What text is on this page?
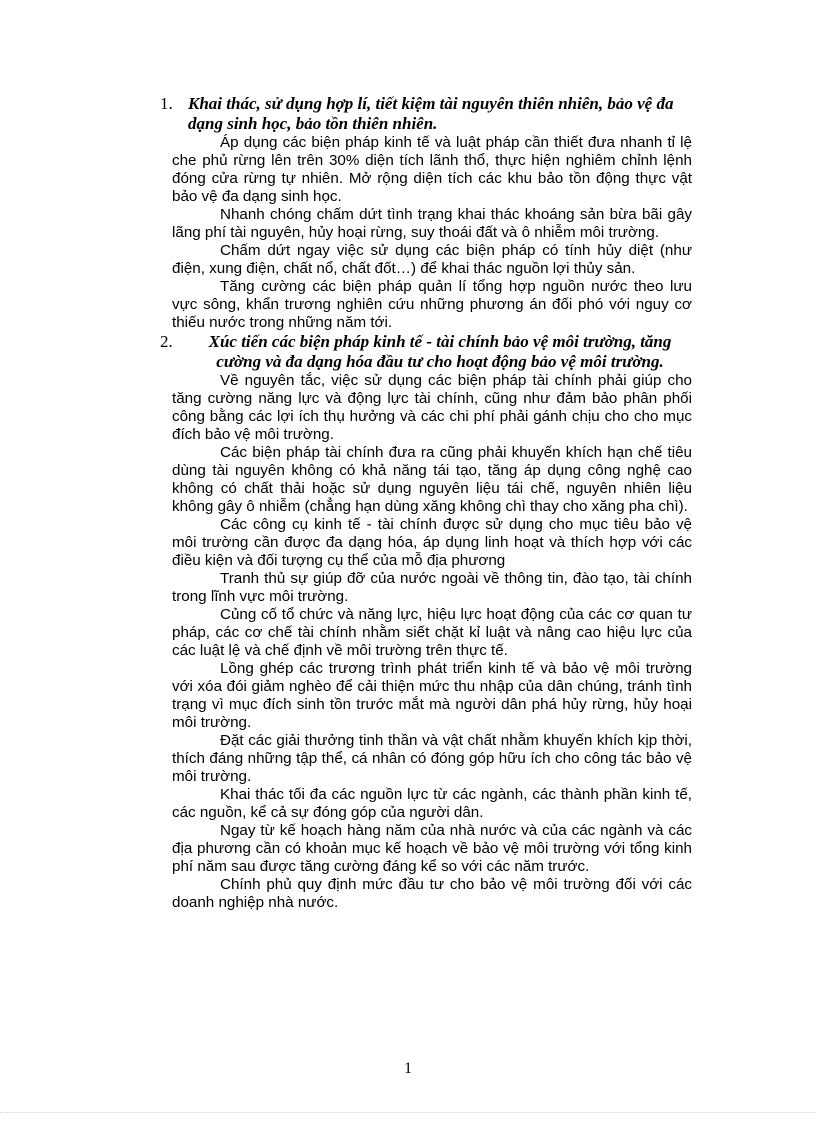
1. Khai thác, sử dụng hợp lí, tiết kiệm tài nguyên thiên nhiên, bảo vệ đa dạng sinh học, bảo tồn thiên nhiên.

Áp dụng các biện pháp kinh tế và luật pháp cần thiết đưa nhanh tỉ lệ che phủ rừng lên trên 30% diện tích lãnh thổ, thực hiện nghiêm chỉnh lệnh đóng cửa rừng tự nhiên. Mở rộng diện tích các khu bảo tồn động thực vật bảo vệ đa dạng sinh học.

Nhanh chóng chấm dứt tình trạng khai thác khoáng sản bừa bãi gây lãng phí tài nguyên, hủy hoại rừng, suy thoái đất và ô nhiễm môi trường.

Chấm dứt ngay việc sử dụng các biện pháp có tính hủy diệt (như điện, xung điện, chất nổ, chất đốt…) để khai thác nguồn lợi thủy sản.

Tăng cường các biện pháp quản lí tổng hợp nguồn nước theo lưu vực sông, khẩn trương nghiên cứu những phương án đối phó với nguy cơ thiếu nước trong những năm tới.

2.	Xúc tiến các biện pháp kinh tế - tài chính bảo vệ môi trường, tăng cường và đa dạng hóa đầu tư cho hoạt động bảo vệ môi trường.

Về nguyên tắc, việc sử dụng các biện pháp tài chính phải giúp cho tăng cường năng lực và động lực tài chính, cũng như đảm bảo phân phối công bằng các lợi ích thụ hưởng và các chi phí phải gánh chịu cho cho mục đích bảo vệ môi trường.

Các biện pháp tài chính đưa ra cũng phải khuyến khích hạn chế tiêu dùng tài nguyên không có khả năng tái tạo, tăng áp dụng công nghệ cao không có chất thải hoặc sử dụng nguyên liệu tái chế, nguyên nhiên liệu không gây ô nhiễm (chẳng hạn dùng xăng không chì thay cho xăng pha chì).

Các công cụ kinh tế - tài chính được sử dụng cho mục tiêu bảo vệ môi trường cần được đa dạng hóa, áp dụng linh hoạt và thích hợp với các điều kiện và đối tượng cụ thể của mỗ địa phương

Tranh thủ sự giúp đỡ của nước ngoài về thông tin, đào tạo, tài chính trong lĩnh vực môi trường.

Củng cố tổ chức và năng lực, hiệu lực hoạt động của các cơ quan tư pháp, các cơ chế tài chính nhằm siết chặt kỉ luật và nâng cao hiệu lực của các luật lệ và chế định về môi trường trên thực tế.

Lồng ghép các trương trình phát triển kinh tế và bảo vệ môi trường với xóa đói giảm nghèo để cải thiện mức thu nhập của dân chúng, tránh tình trạng vì mục đích sinh tồn trước mắt mà người dân phá hủy rừng, hủy hoại môi trường.

Đặt các giải thưởng tinh thần và vật chất nhằm khuyến khích kịp thời, thích đáng những tập thể, cá nhân có đóng góp hữu ích cho công tác bảo vệ môi trường.

Khai thác tối đa các nguồn lực từ các ngành, các thành phần kinh tế, các nguồn, kể cả sự đóng góp của người dân.

Ngay từ kế hoạch hàng năm của nhà nước và của các ngành và các địa phương cần có khoản mục kế hoạch về bảo vệ môi trường với tổng kinh phí năm sau được tăng cường đáng kể so với các năm trước.

Chính phủ quy định mức đầu tư cho bảo vệ môi trường đối với các doanh nghiệp nhà nước.

1
